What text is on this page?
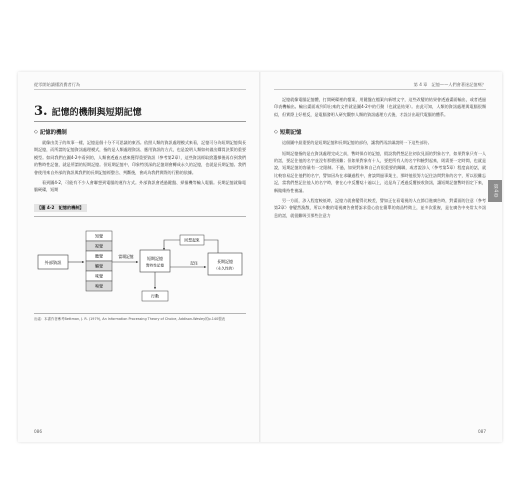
從零開始讀懂消費者行為
3. 記憶的機制與短期記憶
◇ 記憶的機制

就像由美子的故事一樣，記憶是個十分不可思議的東西。依照人類的資訊處理模式來看，記憶可分為短期記憶與長期記憶，而所謂的記憶資訊處理模式，指的是人類處理資訊、應用資訊的方式，也是說明人類如何做出購買決策的重要模型。如同我們在圖4-2中看到的，人類會透過五感來獲得重要資訊（參考第2章），這些資訊經取捨選擇後再存到我們的暫時性記憶，就是所謂的短期記憶。但短期記憶中，印象特別深的記憶則會轉成永久的記憶，也就是長期記憶。我們會使用來自外部的資訊與我們的長期記憶經整合、判斷後，會成為我們實際的行動的依據。

看到圖4-2，可能有不少人會聯想到電腦的運作方式。外部資訊會透過鍵盤、掃描機等輸入電腦。長期記憶就像電腦硬碟，短期

【圖 4-2　記憶的機制】
外部資訊
知覺
視覺
聽覺
觸覺
味覺
嗅覺
當場記憶	短期記憶
暫時性記憶
回想起來
記住	長期記憶
（永久性的）
行動
出處：本書作者參考Bettman, J. R. (1979), An Information Processing Theory of Choice, Addison-Wesley的p.140製表
086
第 4 章　記憶——人們會著迷記憶嗎？

記憶就像電腦記憶體，打開硬碟裡的檔案，用鍵盤在檔案內新增文字，這些改變的結果會透過畫面輸出，或者透過印表機輸出。輸出畫面或列印出來的文件就是圖4-2中的行動（也就是結果）。由此可知，人類的資訊處理與電腦很類似，但實際上好相反，是電腦發明人研究觀察人類的資訊處理方式後，才設計出現代電腦的體系。

◇ 短期記憶

這個圖中最重要的是短期記憶和長期記憶的部份，讓我們再詳細說明一下這些部份。

短期記憶指的是在資訊處理完成之前，暫時保存的記憶，假設我們想記住初次見面的對象名字，如果對象只有一人的話，要記住他的名字並沒有那麼困難；但如果對象有十人，要把所有人的名字和臉對起來，則需要一定時間，也就是說，短期記憶的容量有一定限制。不過，如果對象和自己有很重要的關聯，或者說涉入（參考第5章）程度高的話，就比較容易記住他們的名字，譬如因為在求職過程中，會談問過事業主，那時他很努力記住訪問對象的名字，所以很難忘記，當我們想記住他人的名字時，會在心中反覆唸十遍以上，這是為了透過反覆接收資訊，讓短期記憶暫時固定下來，稱做維持性複誦。

另一方面，涉入程度較低時，記憶力就會變得比較差，譬如正在看電視的人在節目進廣告時，對畫面的注意（參考第2章）會變然渙散，所以多數的電視廣告會將訴求重心放在簡單的商品特徵上，並多次重複，是在廣告中央常太多訊息的話，就很難吸引那些注意力

087
第4章
